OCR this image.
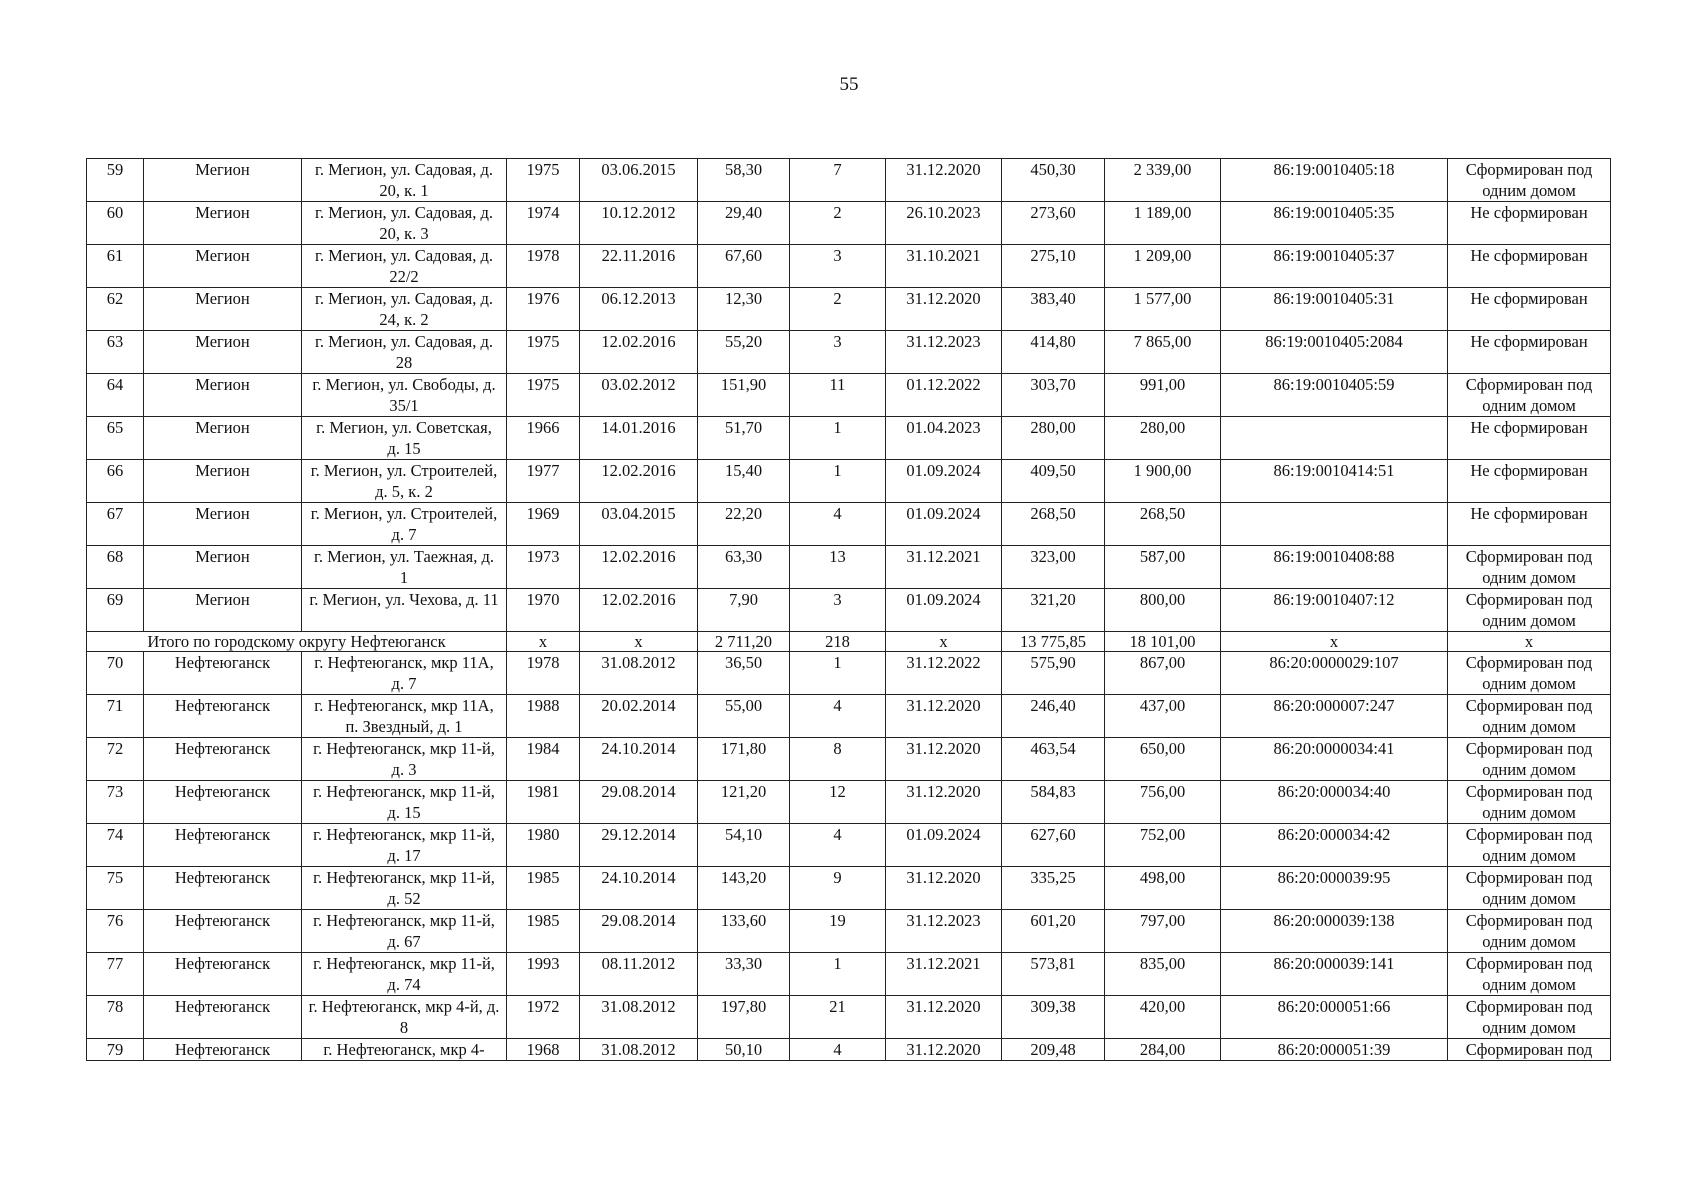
55
59	Мегион	г. Мегион, ул. Садовая, д. 20, к. 1	1975	03.06.2015	58,30	7	31.12.2020	450,30	2 339,00	86:19:0010405:18	Сформирован под одним домом
60	Мегион	г. Мегион, ул. Садовая, д. 20, к. 3	1974	10.12.2012	29,40	2	26.10.2023	273,60	1 189,00	86:19:0010405:35	Не сформирован
61	Мегион	г. Мегион, ул. Садовая, д. 22/2	1978	22.11.2016	67,60	3	31.10.2021	275,10	1 209,00	86:19:0010405:37	Не сформирован
62	Мегион	г. Мегион, ул. Садовая, д. 24, к. 2	1976	06.12.2013	12,30	2	31.12.2020	383,40	1 577,00	86:19:0010405:31	Не сформирован
63	Мегион	г. Мегион, ул. Садовая, д. 28	1975	12.02.2016	55,20	3	31.12.2023	414,80	7 865,00	86:19:0010405:2084	Не сформирован
64	Мегион	г. Мегион, ул. Свободы, д. 35/1	1975	03.02.2012	151,90	11	01.12.2022	303,70	991,00	86:19:0010405:59	Сформирован под одним домом
65	Мегион	г. Мегион, ул. Советская, д. 15	1966	14.01.2016	51,70	1	01.04.2023	280,00	280,00		Не сформирован
66	Мегион	г. Мегион, ул. Строителей, д. 5, к. 2	1977	12.02.2016	15,40	1	01.09.2024	409,50	1 900,00	86:19:0010414:51	Не сформирован
67	Мегион	г. Мегион, ул. Строителей, д. 7	1969	03.04.2015	22,20	4	01.09.2024	268,50	268,50		Не сформирован
68	Мегион	г. Мегион, ул. Таежная, д. 1	1973	12.02.2016	63,30	13	31.12.2021	323,00	587,00	86:19:0010408:88	Сформирован под одним домом
69	Мегион	г. Мегион, ул. Чехова, д. 11	1970	12.02.2016	7,90	3	01.09.2024	321,20	800,00	86:19:0010407:12	Сформирован под одним домом
Итого по городскому округу Нефтеюганск			x	x	2 711,20	218	x	13 775,85	18 101,00	x	x
70	Нефтеюганск	г. Нефтеюганск, мкр 11А, д. 7	1978	31.08.2012	36,50	1	31.12.2022	575,90	867,00	86:20:0000029:107	Сформирован под одним домом
71	Нефтеюганск	г. Нефтеюганск, мкр 11А, п. Звездный, д. 1	1988	20.02.2014	55,00	4	31.12.2020	246,40	437,00	86:20:000007:247	Сформирован под одним домом
72	Нефтеюганск	г. Нефтеюганск, мкр 11-й, д. 3	1984	24.10.2014	171,80	8	31.12.2020	463,54	650,00	86:20:0000034:41	Сформирован под одним домом
73	Нефтеюганск	г. Нефтеюганск, мкр 11-й, д. 15	1981	29.08.2014	121,20	12	31.12.2020	584,83	756,00	86:20:000034:40	Сформирован под одним домом
74	Нефтеюганск	г. Нефтеюганск, мкр 11-й, д. 17	1980	29.12.2014	54,10	4	01.09.2024	627,60	752,00	86:20:000034:42	Сформирован под одним домом
75	Нефтеюганск	г. Нефтеюганск, мкр 11-й, д. 52	1985	24.10.2014	143,20	9	31.12.2020	335,25	498,00	86:20:000039:95	Сформирован под одним домом
76	Нефтеюганск	г. Нефтеюганск, мкр 11-й, д. 67	1985	29.08.2014	133,60	19	31.12.2023	601,20	797,00	86:20:000039:138	Сформирован под одним домом
77	Нефтеюганск	г. Нефтеюганск, мкр 11-й, д. 74	1993	08.11.2012	33,30	1	31.12.2021	573,81	835,00	86:20:000039:141	Сформирован под одним домом
78	Нефтеюганск	г. Нефтеюганск, мкр 4-й, д. 8	1972	31.08.2012	197,80	21	31.12.2020	309,38	420,00	86:20:000051:66	Сформирован под одним домом
79	Нефтеюганск	г. Нефтеюганск, мкр 4-	1968	31.08.2012	50,10	4	31.12.2020	209,48	284,00	86:20:000051:39	Сформирован под
